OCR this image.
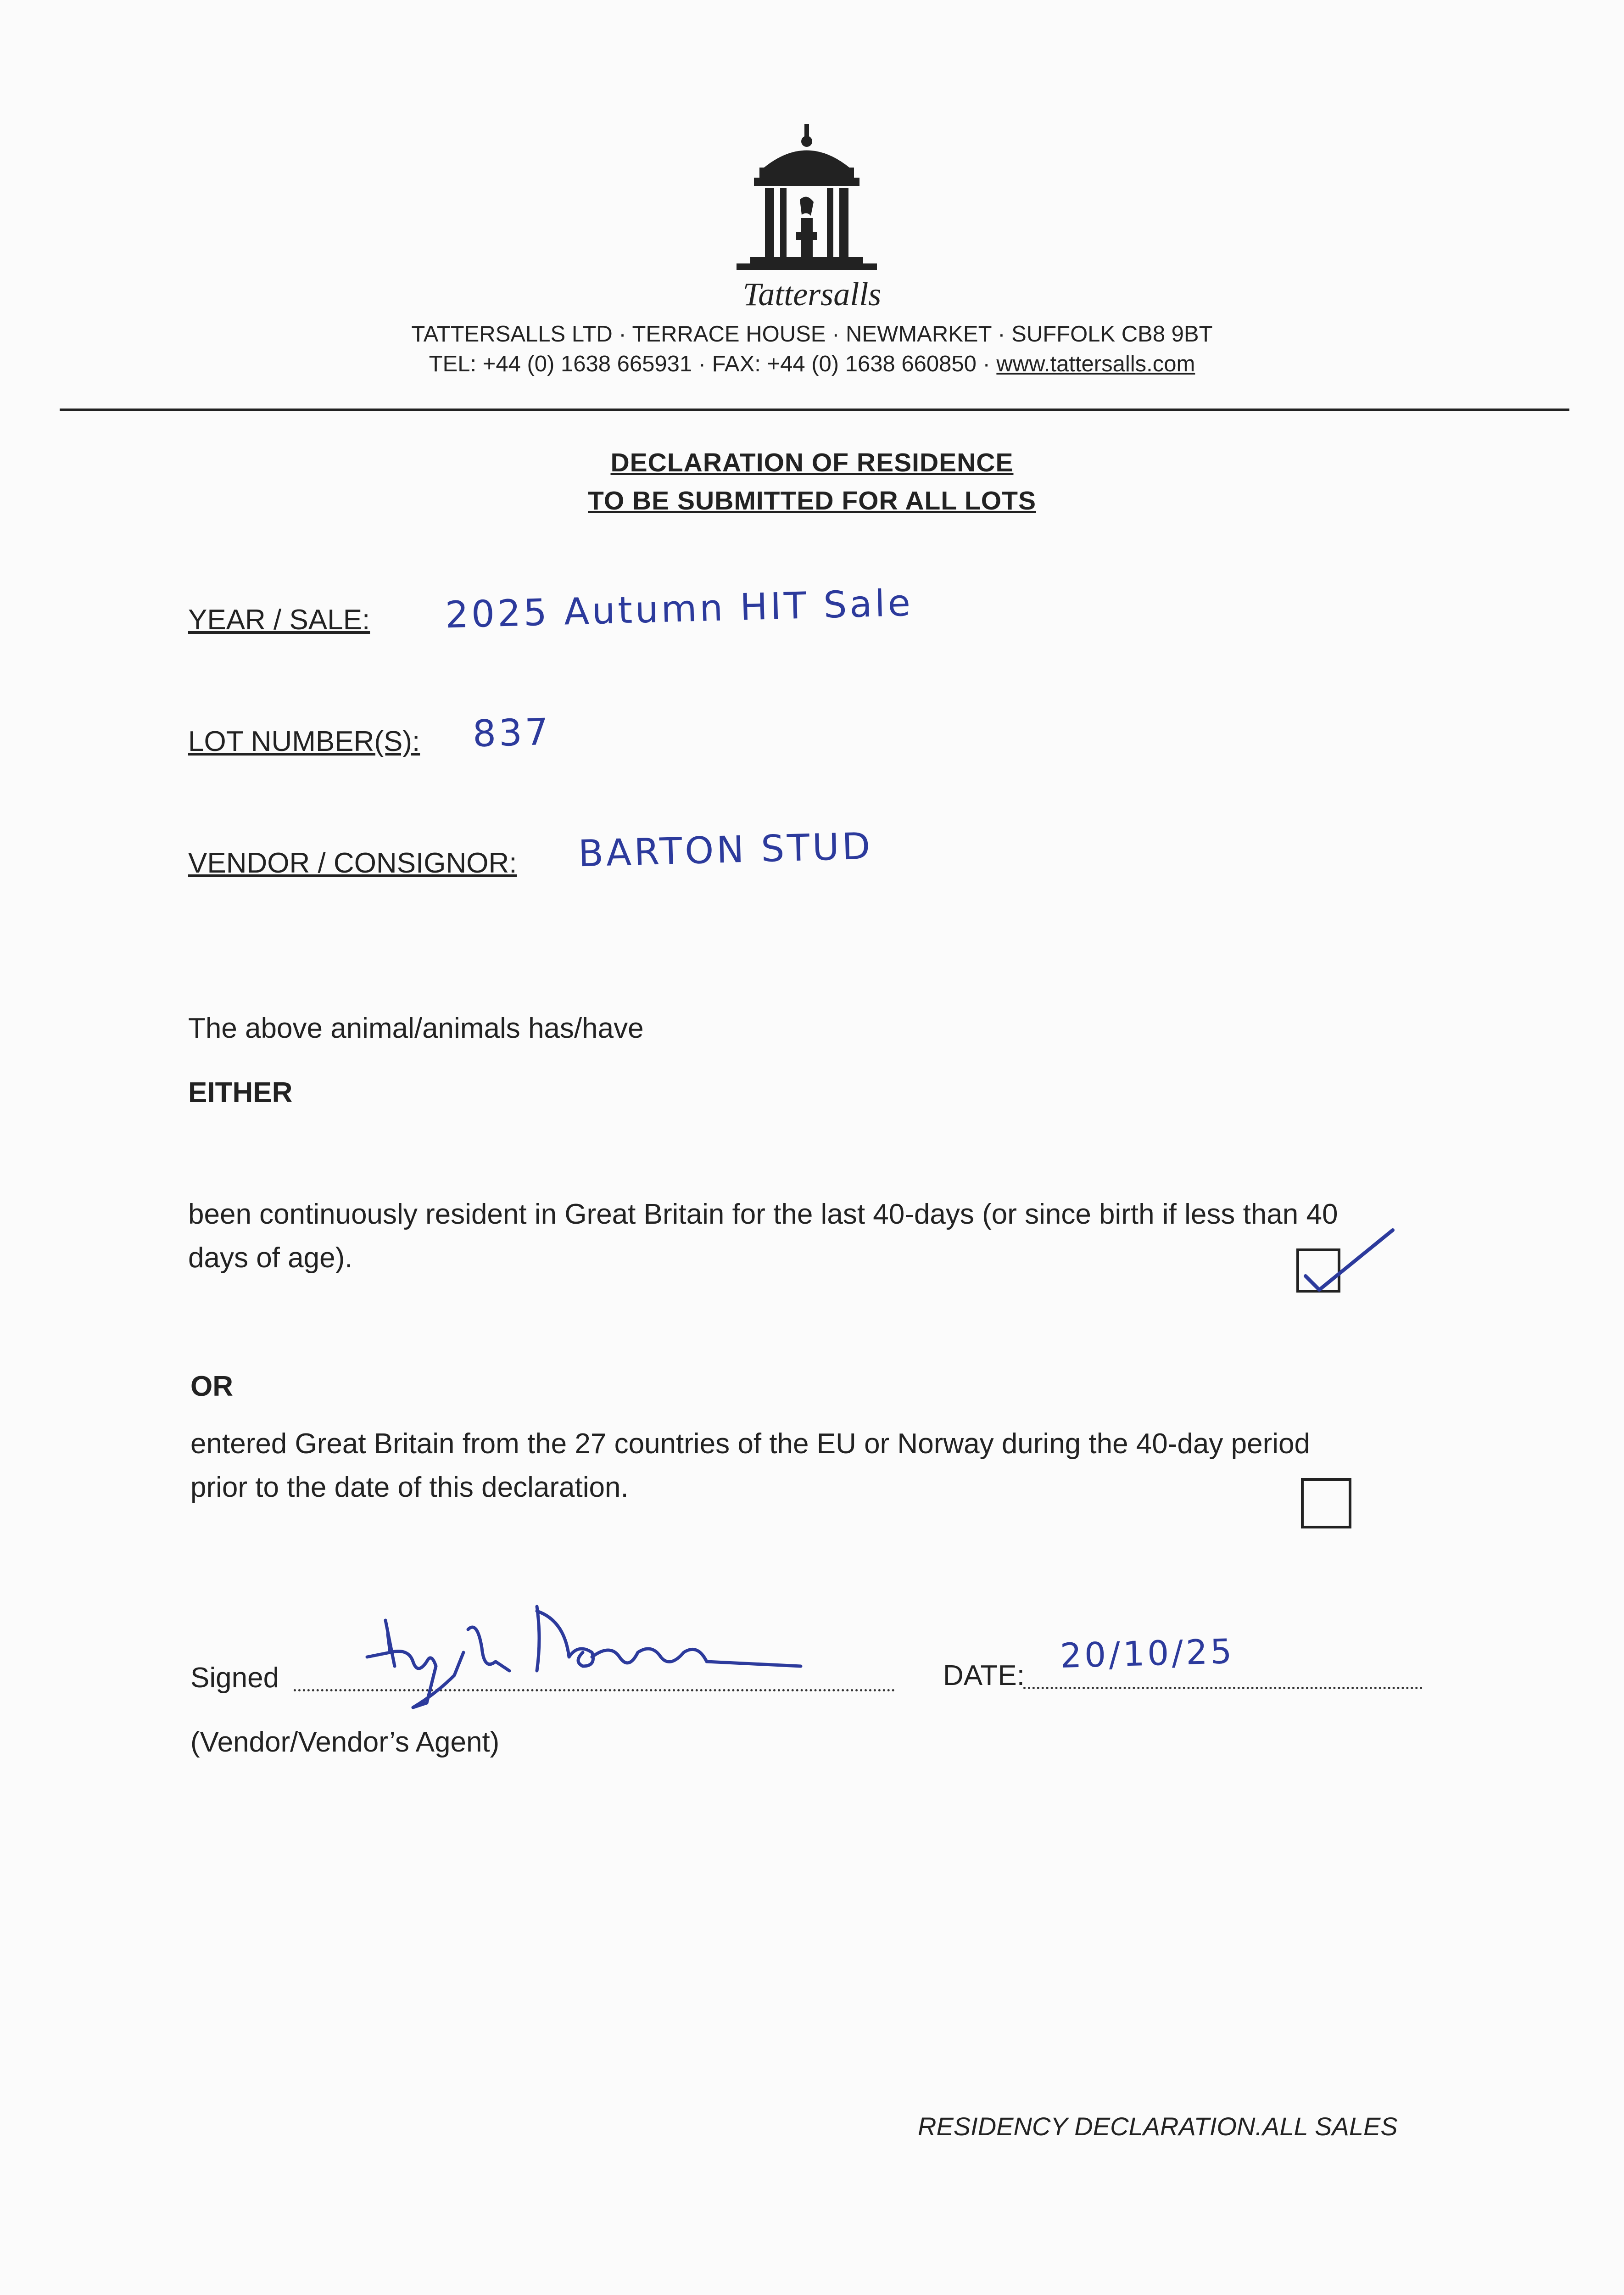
Tattersalls
TATTERSALLS LTD · TERRACE HOUSE · NEWMARKET · SUFFOLK CB8 9BT
TEL: +44 (0) 1638 665931 · FAX: +44 (0) 1638 660850 · www.tattersalls.com
DECLARATION OF RESIDENCE
TO BE SUBMITTED FOR ALL LOTS
YEAR / SALE: 2025 Autumn HIT Sale
LOT NUMBER(S): 837
VENDOR / CONSIGNOR: BARTON STUD
The above animal/animals has/have
EITHER
been continuously resident in Great Britain for the last 40-days (or since birth if less than 40
days of age).
OR
entered Great Britain from the 27 countries of the EU or Norway during the 40-day period
prior to the date of this declaration.
Signed	DATE: 20/10/25
(Vendor/Vendor’s Agent)
RESIDENCY DECLARATION.ALL SALES
